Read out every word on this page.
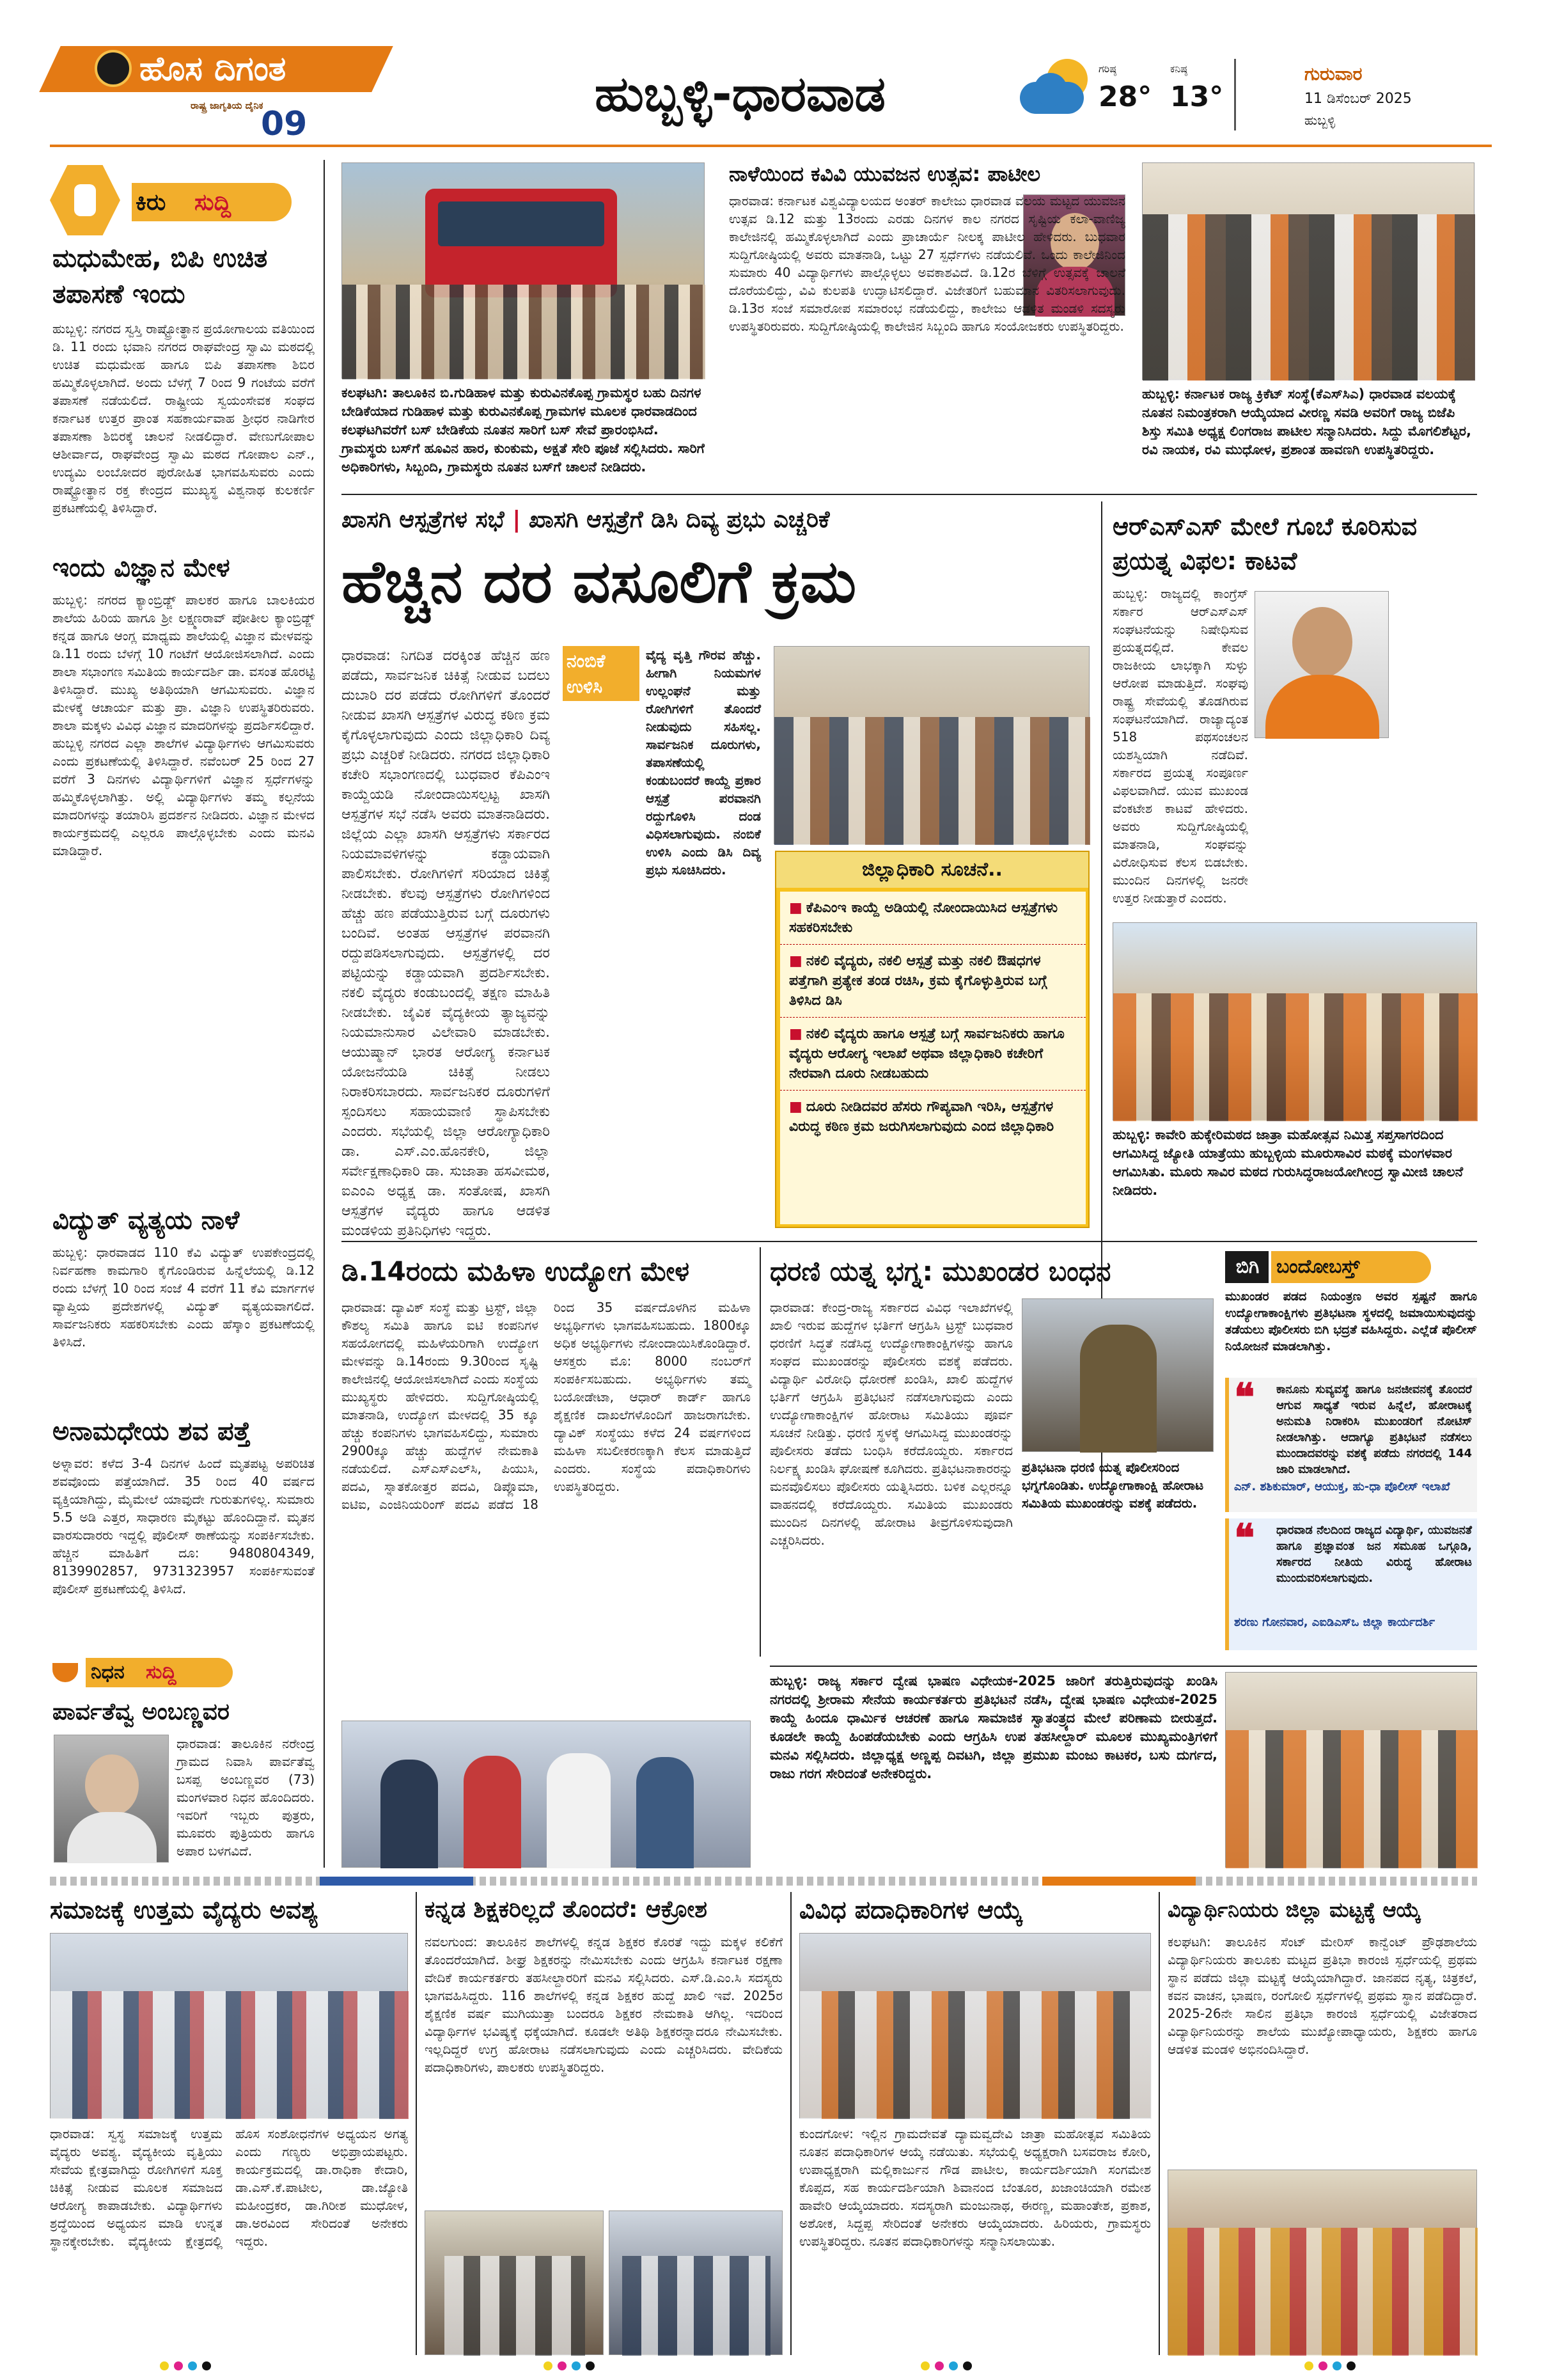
ಹೊಸ ದಿಗಂತ
ರಾಷ್ಟ್ರ ಜಾಗೃತಿಯ ದೈನಿಕ
09
ಹುಬ್ಬಳ್ಳಿ-ಧಾರವಾಡ	ಗರಿಷ್ಠ
28°
ಕನಿಷ್ಠ
13°
ಗುರುವಾರ
11 ಡಿಸೆಂಬರ್ 2025
ಹುಬ್ಬಳ್ಳಿ
ಕಿರು	ಸುದ್ದಿ
ಮಧುಮೇಹ, ಬಿಪಿ ಉಚಿತ ತಪಾಸಣೆ ಇಂದು
ಹುಬ್ಬಳ್ಳಿ: ನಗರದ ಸ್ವಸ್ತಿ ರಾಷ್ಟ್ರೋತ್ಥಾನ ಪ್ರಯೋಗಾಲಯ ವತಿಯಿಂದ ಡಿ. 11 ರಂದು ಭವಾನಿ ನಗರದ ರಾಘವೇಂದ್ರ ಸ್ವಾಮಿ ಮಠದಲ್ಲಿ ಉಚಿತ ಮಧುಮೇಹ ಹಾಗೂ ಬಿಪಿ ತಪಾಸಣಾ ಶಿಬಿರ ಹಮ್ಮಿಕೊಳ್ಳಲಾಗಿದೆ. ಅಂದು ಬೆಳಗ್ಗೆ 7 ರಿಂದ 9 ಗಂಟೆಯ ವರೆಗೆ ತಪಾಸಣೆ ನಡೆಯಲಿದೆ. ರಾಷ್ಟ್ರೀಯ ಸ್ವಯಂಸೇವಕ ಸಂಘದ ಕರ್ನಾಟಕ ಉತ್ತರ ಪ್ರಾಂತ ಸಹಕಾರ್ಯವಾಹ ಶ್ರೀಧರ ನಾಡಿಗೇರ ತಪಾಸಣಾ ಶಿಬಿರಕ್ಕೆ ಚಾಲನೆ ನೀಡಲಿದ್ದಾರೆ. ವೇಣುಗೋಪಾಲ ಆಶೀರ್ವಾದ, ರಾಘವೇಂದ್ರ ಸ್ವಾಮಿ ಮಠದ ಗೋಪಾಲ ಎನ್., ಉದ್ಯಮಿ ಲಂಬೋದರ ಪುರೋಹಿತ ಭಾಗವಹಿಸುವರು ಎಂದು ರಾಷ್ಟ್ರೋತ್ಥಾನ ರಕ್ತ ಕೇಂದ್ರದ ಮುಖ್ಯಸ್ಥ ವಿಶ್ವನಾಥ ಕುಲಕರ್ಣಿ ಪ್ರಕಟಣೆಯಲ್ಲಿ ತಿಳಿಸಿದ್ದಾರೆ.
ಇಂದು ವಿಜ್ಞಾನ ಮೇಳ
ಹುಬ್ಬಳ್ಳಿ: ನಗರದ ಕ್ಯಾಂಬ್ರಿಡ್ಜ್ ಪಾಲಕರ ಹಾಗೂ ಬಾಲಕಿಯರ ಶಾಲೆಯ ಹಿರಿಯ ಹಾಗೂ ಶ್ರೀ ಲಕ್ಷ್ಮಣರಾವ್ ಪೋತೀಲ ಕ್ಯಾಂಬ್ರಿಡ್ಜ್ ಕನ್ನಡ ಹಾಗೂ ಆಂಗ್ಲ ಮಾಧ್ಯಮ ಶಾಲೆಯಲ್ಲಿ ವಿಜ್ಞಾನ ಮೇಳವನ್ನು ಡಿ.11 ರಂದು ಬೆಳಗ್ಗೆ 10 ಗಂಟೆಗೆ ಆಯೋಜಿಸಲಾಗಿದೆ. ಎಂದು ಶಾಲಾ ಸಭಾಂಗಣ ಸಮಿತಿಯ ಕಾರ್ಯದರ್ಶಿ ಡಾ. ವಸಂತ ಹೊರಟ್ಟಿ ತಿಳಿಸಿದ್ದಾರೆ. ಮುಖ್ಯ ಅತಿಥಿಯಾಗಿ ಆಗಮಿಸುವರು. ವಿಜ್ಞಾನ ಮೇಳಕ್ಕೆ ಆಚಾರ್ಯ ಮತ್ತು ಪ್ರಾ. ವಿಜ್ಞಾನಿ ಉಪಸ್ಥಿತರಿರುವರು. ಶಾಲಾ ಮಕ್ಕಳು ವಿವಿಧ ವಿಜ್ಞಾನ ಮಾದರಿಗಳನ್ನು ಪ್ರದರ್ಶಿಸಲಿದ್ದಾರೆ. ಹುಬ್ಬಳ್ಳಿ ನಗರದ ಎಲ್ಲಾ ಶಾಲೆಗಳ ವಿದ್ಯಾರ್ಥಿಗಳು ಆಗಮಿಸುವರು ಎಂದು ಪ್ರಕಟಣೆಯಲ್ಲಿ ತಿಳಿಸಿದ್ದಾರೆ. ನವೆಂಬರ್ 25 ರಿಂದ 27 ವರೆಗೆ 3 ದಿನಗಳು ವಿದ್ಯಾರ್ಥಿಗಳಿಗೆ ವಿಜ್ಞಾನ ಸ್ಪರ್ಧೆಗಳನ್ನು ಹಮ್ಮಿಕೊಳ್ಳಲಾಗಿತ್ತು. ಅಲ್ಲಿ ವಿದ್ಯಾರ್ಥಿಗಳು ತಮ್ಮ ಕಲ್ಪನೆಯ ಮಾದರಿಗಳನ್ನು ತಯಾರಿಸಿ ಪ್ರದರ್ಶನ ನೀಡಿದರು. ವಿಜ್ಞಾನ ಮೇಳದ ಕಾರ್ಯಕ್ರಮದಲ್ಲಿ ಎಲ್ಲರೂ ಪಾಲ್ಗೊಳ್ಳಬೇಕು ಎಂದು ಮನವಿ ಮಾಡಿದ್ದಾರೆ.
ವಿದ್ಯುತ್ ವ್ಯತ್ಯಯ ನಾಳೆ
ಹುಬ್ಬಳ್ಳಿ: ಧಾರವಾಡದ 110 ಕೆವಿ ವಿದ್ಯುತ್ ಉಪಕೇಂದ್ರದಲ್ಲಿ ನಿರ್ವಹಣಾ ಕಾಮಗಾರಿ ಕೈಗೊಂಡಿರುವ ಹಿನ್ನೆಲೆಯಲ್ಲಿ ಡಿ.12 ರಂದು ಬೆಳಗ್ಗೆ 10 ರಿಂದ ಸಂಜೆ 4 ವರೆಗೆ 11 ಕೆವಿ ಮಾರ್ಗಗಳ ವ್ಯಾಪ್ತಿಯ ಪ್ರದೇಶಗಳಲ್ಲಿ ವಿದ್ಯುತ್ ವ್ಯತ್ಯಯವಾಗಲಿದೆ. ಸಾರ್ವಜನಿಕರು ಸಹಕರಿಸಬೇಕು ಎಂದು ಹೆಸ್ಕಾಂ ಪ್ರಕಟಣೆಯಲ್ಲಿ ತಿಳಿಸಿದೆ.
ಅನಾಮಧೇಯ ಶವ ಪತ್ತೆ
ಅಳ್ನಾವರ: ಕಳೆದ 3-4 ದಿನಗಳ ಹಿಂದೆ ಮೃತಪಟ್ಟ ಅಪರಿಚಿತ ಶವವೊಂದು ಪತ್ತೆಯಾಗಿದೆ. 35 ರಿಂದ 40 ವರ್ಷದ ವ್ಯಕ್ತಿಯಾಗಿದ್ದು, ಮೈಮೇಲೆ ಯಾವುದೇ ಗುರುತುಗಳಿಲ್ಲ. ಸುಮಾರು 5.5 ಅಡಿ ಎತ್ತರ, ಸಾಧಾರಣ ಮೈಕಟ್ಟು ಹೊಂದಿದ್ದಾನೆ. ಮೃತನ ವಾರಸುದಾರರು ಇದ್ದಲ್ಲಿ ಪೊಲೀಸ್ ಠಾಣೆಯನ್ನು ಸಂಪರ್ಕಿಸಬೇಕು. ಹೆಚ್ಚಿನ ಮಾಹಿತಿಗೆ ದೂ: 9480804349, 8139902857, 9731323957 ಸಂಪರ್ಕಿಸುವಂತೆ ಪೊಲೀಸ್ ಪ್ರಕಟಣೆಯಲ್ಲಿ ತಿಳಿಸಿದೆ.
ನಿಧನ	ಸುದ್ದಿ
ಪಾರ್ವತೆವ್ವ ಅಂಬಣ್ಣವರ
ಧಾರವಾಡ: ತಾಲೂಕಿನ ನರೇಂದ್ರ ಗ್ರಾಮದ ನಿವಾಸಿ ಪಾರ್ವತೆವ್ವ ಬಸಪ್ಪ ಅಂಬಣ್ಣವರ (73) ಮಂಗಳವಾರ ನಿಧನ ಹೊಂದಿದರು. ಇವರಿಗೆ ಇಬ್ಬರು ಪುತ್ರರು, ಮೂವರು ಪುತ್ರಿಯರು ಹಾಗೂ ಅಪಾರ ಬಳಗವಿದೆ.
ಕಲಘಟಗಿ: ತಾಲೂಕಿನ ಬಿ.ಗುಡಿಹಾಳ ಮತ್ತು ಕುರುವಿನಕೊಪ್ಪ ಗ್ರಾಮಸ್ಥರ ಬಹು ದಿನಗಳ ಬೇಡಿಕೆಯಾದ ಗುಡಿಹಾಳ ಮತ್ತು ಕುರುವಿನಕೊಪ್ಪ ಗ್ರಾಮಗಳ ಮೂಲಕ ಧಾರವಾಡದಿಂದ ಕಲಘಟಗಿವರೆಗೆ ಬಸ್ ಬೇಡಿಕೆಯ ನೂತನ ಸಾರಿಗೆ ಬಸ್ ಸೇವೆ ಪ್ರಾರಂಭಿಸಿದೆ. ಗ್ರಾಮಸ್ಥರು ಬಸ್‌ಗೆ ಹೂವಿನ ಹಾರ, ಕುಂಕುಮ, ಅಕ್ಷತೆ ಸೇರಿ ಪೂಜೆ ಸಲ್ಲಿಸಿದರು. ಸಾರಿಗೆ ಅಧಿಕಾರಿಗಳು, ಸಿಬ್ಬಂದಿ, ಗ್ರಾಮಸ್ಥರು ನೂತನ ಬಸ್‌ಗೆ ಚಾಲನೆ ನೀಡಿದರು.
ನಾಳೆಯಿಂದ ಕವಿವಿ ಯುವಜನ ಉತ್ಸವ: ಪಾಟೀಲ
ಧಾರವಾಡ: ಕರ್ನಾಟಕ ವಿಶ್ವವಿದ್ಯಾಲಯದ ಅಂತರ್ ಕಾಲೇಜು ಧಾರವಾಡ ವಲಯ ಮಟ್ಟದ ಯುವಜನ ಉತ್ಸವ ಡಿ.12 ಮತ್ತು 13ರಂದು ಎರಡು ದಿನಗಳ ಕಾಲ ನಗರದ ಸೃಷ್ಟಿಯ ಕಲಾ-ವಾಣಿಜ್ಯ ಕಾಲೇಜಿನಲ್ಲಿ ಹಮ್ಮಿಕೊಳ್ಳಲಾಗಿದೆ ಎಂದು ಪ್ರಾಚಾರ್ಯೆ ನೀಲಕ್ಕ ಪಾಟೀಲ ಹೇಳಿದರು. ಬುಧವಾರ ಸುದ್ದಿಗೋಷ್ಠಿಯಲ್ಲಿ ಅವರು ಮಾತನಾಡಿ, ಒಟ್ಟು 27 ಸ್ಪರ್ಧೆಗಳು ನಡೆಯಲಿವೆ. ಒಂದು ಕಾಲೇಜಿನಿಂದ ಸುಮಾರು 40 ವಿದ್ಯಾರ್ಥಿಗಳು ಪಾಲ್ಗೊಳ್ಳಲು ಅವಕಾಶವಿದೆ. ಡಿ.12ರ ಬೆಳಿಗ್ಗೆ ಉತ್ಸವಕ್ಕೆ ಚಾಲನೆ ದೊರೆಯಲಿದ್ದು, ವಿವಿ ಕುಲಪತಿ ಉದ್ಘಾಟಿಸಲಿದ್ದಾರೆ. ವಿಜೇತರಿಗೆ ಬಹುಮಾನ ವಿತರಿಸಲಾಗುವುದು. ಡಿ.13ರ ಸಂಜೆ ಸಮಾರೋಪ ಸಮಾರಂಭ ನಡೆಯಲಿದ್ದು, ಕಾಲೇಜು ಆಡಳಿತ ಮಂಡಳಿ ಸದಸ್ಯರು ಉಪಸ್ಥಿತರಿರುವರು. ಸುದ್ದಿಗೋಷ್ಠಿಯಲ್ಲಿ ಕಾಲೇಜಿನ ಸಿಬ್ಬಂದಿ ಹಾಗೂ ಸಂಯೋಜಕರು ಉಪಸ್ಥಿತರಿದ್ದರು.
ಹುಬ್ಬಳ್ಳಿ: ಕರ್ನಾಟಕ ರಾಜ್ಯ ಕ್ರಿಕೆಟ್ ಸಂಸ್ಥೆ(ಕೆಎಸ್‌ಸಿಎ) ಧಾರವಾಡ ವಲಯಕ್ಕೆ ನೂತನ ನಿಮಂತ್ರಕರಾಗಿ ಆಯ್ಕೆಯಾದ ವೀರಣ್ಣ ಸವಡಿ ಅವರಿಗೆ ರಾಜ್ಯ ಬಿಜೆಪಿ ಶಿಸ್ತು ಸಮಿತಿ ಅಧ್ಯಕ್ಷ ಲಿಂಗರಾಜ ಪಾಟೀಲ ಸನ್ಮಾನಿಸಿದರು. ಸಿದ್ದು ಮೊಗಲಿಶೆಟ್ಟರ, ರವಿ ನಾಯಕ, ರವಿ ಮುಧೋಳ, ಪ್ರಶಾಂತ ಹಾವಣಗಿ ಉಪಸ್ಥಿತರಿದ್ದರು.
ಖಾಸಗಿ ಆಸ್ಪತ್ರೆಗಳ ಸಭೆ | ಖಾಸಗಿ ಆಸ್ಪತ್ರೆಗೆ ಡಿಸಿ ದಿವ್ಯ ಪ್ರಭು ಎಚ್ಚರಿಕೆ
ಹೆಚ್ಚಿನ ದರ ವಸೂಲಿಗೆ ಕ್ರಮ
ಧಾರವಾಡ: ನಿಗದಿತ ದರಕ್ಕಿಂತ ಹೆಚ್ಚಿನ ಹಣ ಪಡೆದು, ಸಾರ್ವಜನಿಕ ಚಿಕಿತ್ಸೆ ನೀಡುವ ಬದಲು ದುಬಾರಿ ದರ ಪಡೆದು ರೋಗಿಗಳಿಗೆ ತೊಂದರೆ ನೀಡುವ ಖಾಸಗಿ ಆಸ್ಪತ್ರೆಗಳ ವಿರುದ್ಧ ಕಠಿಣ ಕ್ರಮ ಕೈಗೊಳ್ಳಲಾಗುವುದು ಎಂದು ಜಿಲ್ಲಾಧಿಕಾರಿ ದಿವ್ಯ ಪ್ರಭು ಎಚ್ಚರಿಕೆ ನೀಡಿದರು. ನಗರದ ಜಿಲ್ಲಾಧಿಕಾರಿ ಕಚೇರಿ ಸಭಾಂಗಣದಲ್ಲಿ ಬುಧವಾರ ಕೆಪಿಎಂಇ ಕಾಯ್ದೆಯಡಿ ನೋಂದಾಯಿಸಲ್ಪಟ್ಟ ಖಾಸಗಿ ಆಸ್ಪತ್ರೆಗಳ ಸಭೆ ನಡೆಸಿ ಅವರು ಮಾತನಾಡಿದರು. ಜಿಲ್ಲೆಯ ಎಲ್ಲಾ ಖಾಸಗಿ ಆಸ್ಪತ್ರೆಗಳು ಸರ್ಕಾರದ ನಿಯಮಾವಳಿಗಳನ್ನು ಕಡ್ಡಾಯವಾಗಿ ಪಾಲಿಸಬೇಕು. ರೋಗಿಗಳಿಗೆ ಸರಿಯಾದ ಚಿಕಿತ್ಸೆ ನೀಡಬೇಕು. ಕೆಲವು ಆಸ್ಪತ್ರೆಗಳು ರೋಗಿಗಳಿಂದ ಹೆಚ್ಚು ಹಣ ಪಡೆಯುತ್ತಿರುವ ಬಗ್ಗೆ ದೂರುಗಳು ಬಂದಿವೆ. ಅಂತಹ ಆಸ್ಪತ್ರೆಗಳ ಪರವಾನಗಿ ರದ್ದುಪಡಿಸಲಾಗುವುದು. ಆಸ್ಪತ್ರೆಗಳಲ್ಲಿ ದರ ಪಟ್ಟಿಯನ್ನು ಕಡ್ಡಾಯವಾಗಿ ಪ್ರದರ್ಶಿಸಬೇಕು. ನಕಲಿ ವೈದ್ಯರು ಕಂಡುಬಂದಲ್ಲಿ ತಕ್ಷಣ ಮಾಹಿತಿ ನೀಡಬೇಕು. ಜೈವಿಕ ವೈದ್ಯಕೀಯ ತ್ಯಾಜ್ಯವನ್ನು ನಿಯಮಾನುಸಾರ ವಿಲೇವಾರಿ ಮಾಡಬೇಕು. ಆಯುಷ್ಮಾನ್ ಭಾರತ ಆರೋಗ್ಯ ಕರ್ನಾಟಕ ಯೋಜನೆಯಡಿ ಚಿಕಿತ್ಸೆ ನೀಡಲು ನಿರಾಕರಿಸಬಾರದು. ಸಾರ್ವಜನಿಕರ ದೂರುಗಳಿಗೆ ಸ್ಪಂದಿಸಲು ಸಹಾಯವಾಣಿ ಸ್ಥಾಪಿಸಬೇಕು ಎಂದರು. ಸಭೆಯಲ್ಲಿ ಜಿಲ್ಲಾ ಆರೋಗ್ಯಾಧಿಕಾರಿ ಡಾ. ಎಸ್.ಎಂ.ಹೊನಕೇರಿ, ಜಿಲ್ಲಾ ಸರ್ವೇಕ್ಷಣಾಧಿಕಾರಿ ಡಾ. ಸುಜಾತಾ ಹಸವೀಮಠ, ಐಎಂಎ ಅಧ್ಯಕ್ಷ ಡಾ. ಸಂತೋಷ, ಖಾಸಗಿ ಆಸ್ಪತ್ರೆಗಳ ವೈದ್ಯರು ಹಾಗೂ ಆಡಳಿತ ಮಂಡಳಿಯ ಪ್ರತಿನಿಧಿಗಳು ಇದ್ದರು.
ನಂಬಿಕೆ
ಉಳಿಸಿ
ವೈದ್ಯ ವೃತ್ತಿ ಗೌರವ ಹೆಚ್ಚು. ಹೀಗಾಗಿ ನಿಯಮಗಳ ಉಲ್ಲಂಘನೆ ಮತ್ತು ರೋಗಿಗಳಿಗೆ ತೊಂದರೆ ನೀಡುವುದು ಸಹಿಸಲ್ಲ. ಸಾರ್ವಜನಿಕ ದೂರುಗಳು, ತಪಾಸಣೆಯಲ್ಲಿ ಕಂಡುಬಂದರೆ ಕಾಯ್ದೆ ಪ್ರಕಾರ ಆಸ್ಪತ್ರೆ ಪರವಾನಗಿ ರದ್ದುಗೊಳಿಸಿ ದಂಡ ವಿಧಿಸಲಾಗುವುದು. ನಂಬಿಕೆ ಉಳಿಸಿ ಎಂದು ಡಿಸಿ ದಿವ್ಯ ಪ್ರಭು ಸೂಚಿಸಿದರು.	ಜಿಲ್ಲಾಧಿಕಾರಿ ಸೂಚನೆ..
■ ಕೆಪಿಎಂಇ ಕಾಯ್ದೆ ಅಡಿಯಲ್ಲಿ ನೋಂದಾಯಿಸಿದ ಆಸ್ಪತ್ರೆಗಳು ಸಹಕರಿಸಬೇಕು
■ ನಕಲಿ ವೈದ್ಯರು, ನಕಲಿ ಆಸ್ಪತ್ರೆ ಮತ್ತು ನಕಲಿ ಔಷಧಗಳ ಪತ್ತೆಗಾಗಿ ಪ್ರತ್ಯೇಕ ತಂಡ ರಚಿಸಿ, ಕ್ರಮ ಕೈಗೊಳ್ಳುತ್ತಿರುವ ಬಗ್ಗೆ ತಿಳಿಸಿದ ಡಿಸಿ
■ ನಕಲಿ ವೈದ್ಯರು ಹಾಗೂ ಆಸ್ಪತ್ರೆ ಬಗ್ಗೆ ಸಾರ್ವಜನಿಕರು ಹಾಗೂ ವೈದ್ಯರು ಆರೋಗ್ಯ ಇಲಾಖೆ ಅಥವಾ ಜಿಲ್ಲಾಧಿಕಾರಿ ಕಚೇರಿಗೆ ನೇರವಾಗಿ ದೂರು ನೀಡಬಹುದು
■ ದೂರು ನೀಡಿದವರ ಹೆಸರು ಗೌಪ್ಯವಾಗಿ ಇರಿಸಿ, ಆಸ್ಪತ್ರೆಗಳ ವಿರುದ್ಧ ಕಠಿಣ ಕ್ರಮ ಜರುಗಿಸಲಾಗುವುದು ಎಂದ ಜಿಲ್ಲಾಧಿಕಾರಿ
ಆರ್‌ಎಸ್‌ಎಸ್ ಮೇಲೆ ಗೂಬೆ ಕೂರಿಸುವ ಪ್ರಯತ್ನ ವಿಫಲ: ಕಾಟವೆ
ಹುಬ್ಬಳ್ಳಿ: ರಾಜ್ಯದಲ್ಲಿ ಕಾಂಗ್ರೆಸ್ ಸರ್ಕಾರ ಆರ್‌ಎಸ್‌ಎಸ್ ಸಂಘಟನೆಯನ್ನು ನಿಷೇಧಿಸುವ ಪ್ರಯತ್ನದಲ್ಲಿದೆ. ಕೇವಲ ರಾಜಕೀಯ ಲಾಭಕ್ಕಾಗಿ ಸುಳ್ಳು ಆರೋಪ ಮಾಡುತ್ತಿದೆ. ಸಂಘವು ರಾಷ್ಟ್ರ ಸೇವೆಯಲ್ಲಿ ತೊಡಗಿರುವ ಸಂಘಟನೆಯಾಗಿದೆ. ರಾಜ್ಯಾದ್ಯಂತ 518 ಪಥಸಂಚಲನ ಯಶಸ್ವಿಯಾಗಿ ನಡೆದಿವೆ. ಸರ್ಕಾರದ ಪ್ರಯತ್ನ ಸಂಪೂರ್ಣ ವಿಫಲವಾಗಿದೆ. ಯುವ ಮುಖಂಡ ವೆಂಕಟೇಶ ಕಾಟವೆ ಹೇಳಿದರು. ಅವರು ಸುದ್ದಿಗೋಷ್ಠಿಯಲ್ಲಿ ಮಾತನಾಡಿ, ಸಂಘವನ್ನು ವಿರೋಧಿಸುವ ಕೆಲಸ ಬಿಡಬೇಕು. ಮುಂದಿನ ದಿನಗಳಲ್ಲಿ ಜನರೇ ಉತ್ತರ ನೀಡುತ್ತಾರೆ ಎಂದರು.
ಹುಬ್ಬಳ್ಳಿ: ಕಾವೇರಿ ಹುಕ್ಕೇರಿಮಠದ ಜಾತ್ರಾ ಮಹೋತ್ಸವ ನಿಮಿತ್ತ ಸಪ್ತಸಾಗರದಿಂದ ಆಗಮಿಸಿದ್ದ ಜ್ಯೋತಿ ಯಾತ್ರೆಯು ಹುಬ್ಬಳ್ಳಿಯ ಮೂರುಸಾವಿರ ಮಠಕ್ಕೆ ಮಂಗಳವಾರ ಆಗಮಿಸಿತು. ಮೂರು ಸಾವಿರ ಮಠದ ಗುರುಸಿದ್ಧರಾಜಯೋಗೀಂದ್ರ ಸ್ವಾಮೀಜಿ ಚಾಲನೆ ನೀಡಿದರು.
ಡಿ.14ರಂದು ಮಹಿಳಾ ಉದ್ಯೋಗ ಮೇಳ
ಧಾರವಾಡ: ದ್ಯಾವಿಕ್ ಸಂಸ್ಥೆ ಮತ್ತು ಟ್ರಸ್ಟ್, ಜಿಲ್ಲಾ ಕೌಶಲ್ಯ ಸಮಿತಿ ಹಾಗೂ ಐಟಿ ಕಂಪನಿಗಳ ಸಹಯೋಗದಲ್ಲಿ ಮಹಿಳೆಯರಿಗಾಗಿ ಉದ್ಯೋಗ ಮೇಳವನ್ನು ಡಿ.14ರಂದು 9.30ರಿಂದ ಸೃಷ್ಟಿ ಕಾಲೇಜಿನಲ್ಲಿ ಆಯೋಜಿಸಲಾಗಿದೆ ಎಂದು ಸಂಸ್ಥೆಯ ಮುಖ್ಯಸ್ಥರು ಹೇಳಿದರು. ಸುದ್ದಿಗೋಷ್ಠಿಯಲ್ಲಿ ಮಾತನಾಡಿ, ಉದ್ಯೋಗ ಮೇಳದಲ್ಲಿ 35 ಕ್ಕೂ ಹೆಚ್ಚು ಕಂಪನಿಗಳು ಭಾಗವಹಿಸಲಿದ್ದು, ಸುಮಾರು 2900ಕ್ಕೂ ಹೆಚ್ಚು ಹುದ್ದೆಗಳ ನೇಮಕಾತಿ ನಡೆಯಲಿದೆ. ಎಸ್‌ಎಸ್‌ಎಲ್‌ಸಿ, ಪಿಯುಸಿ, ಪದವಿ, ಸ್ನಾತಕೋತ್ತರ ಪದವಿ, ಡಿಪ್ಲೊಮಾ, ಐಟಿಐ, ಎಂಜಿನಿಯರಿಂಗ್ ಪದವಿ ಪಡೆದ 18 ರಿಂದ 35 ವರ್ಷದೊಳಗಿನ ಮಹಿಳಾ ಅಭ್ಯರ್ಥಿಗಳು ಭಾಗವಹಿಸಬಹುದು. 1800ಕ್ಕೂ ಅಧಿಕ ಅಭ್ಯರ್ಥಿಗಳು ನೋಂದಾಯಿಸಿಕೊಂಡಿದ್ದಾರೆ. ಆಸಕ್ತರು ಮೊ: 8000 ನಂಬರ್‌ಗೆ ಸಂಪರ್ಕಿಸಬಹುದು. ಅಭ್ಯರ್ಥಿಗಳು ತಮ್ಮ ಬಯೋಡೇಟಾ, ಆಧಾರ್ ಕಾರ್ಡ್ ಹಾಗೂ ಶೈಕ್ಷಣಿಕ ದಾಖಲೆಗಳೊಂದಿಗೆ ಹಾಜರಾಗಬೇಕು. ದ್ಯಾವಿಕ್ ಸಂಸ್ಥೆಯು ಕಳೆದ 24 ವರ್ಷಗಳಿಂದ ಮಹಿಳಾ ಸಬಲೀಕರಣಕ್ಕಾಗಿ ಕೆಲಸ ಮಾಡುತ್ತಿದೆ ಎಂದರು. ಸಂಸ್ಥೆಯ ಪದಾಧಿಕಾರಿಗಳು ಉಪಸ್ಥಿತರಿದ್ದರು.
ಧರಣಿ ಯತ್ನ ಭಗ್ನ: ಮುಖಂಡರ ಬಂಧನ
ಧಾರವಾಡ: ಕೇಂದ್ರ-ರಾಜ್ಯ ಸರ್ಕಾರದ ವಿವಿಧ ಇಲಾಖೆಗಳಲ್ಲಿ ಖಾಲಿ ಇರುವ ಹುದ್ದೆಗಳ ಭರ್ತಿಗೆ ಆಗ್ರಹಿಸಿ ಟ್ರಸ್ಟ್ ಬುಧವಾರ ಧರಣಿಗೆ ಸಿದ್ಧತೆ ನಡೆಸಿದ್ದ ಉದ್ಯೋಗಾಕಾಂಕ್ಷಿಗಳನ್ನು ಹಾಗೂ ಸಂಘದ ಮುಖಂಡರನ್ನು ಪೊಲೀಸರು ವಶಕ್ಕೆ ಪಡೆದರು. ವಿದ್ಯಾರ್ಥಿ ವಿರೋಧಿ ಧೋರಣೆ ಖಂಡಿಸಿ, ಖಾಲಿ ಹುದ್ದೆಗಳ ಭರ್ತಿಗೆ ಆಗ್ರಹಿಸಿ ಪ್ರತಿಭಟನೆ ನಡೆಸಲಾಗುವುದು ಎಂದು ಉದ್ಯೋಗಾಕಾಂಕ್ಷಿಗಳ ಹೋರಾಟ ಸಮಿತಿಯು ಪೂರ್ವ ಸೂಚನೆ ನೀಡಿತ್ತು. ಧರಣಿ ಸ್ಥಳಕ್ಕೆ ಆಗಮಿಸಿದ್ದ ಮುಖಂಡರನ್ನು ಪೊಲೀಸರು ತಡೆದು ಬಂಧಿಸಿ ಕರೆದೊಯ್ದರು. ಸರ್ಕಾರದ ನಿರ್ಲಕ್ಷ್ಯ ಖಂಡಿಸಿ ಘೋಷಣೆ ಕೂಗಿದರು. ಪ್ರತಿಭಟನಾಕಾರರನ್ನು ಮನವೊಲಿಸಲು ಪೊಲೀಸರು ಯತ್ನಿಸಿದರು. ಬಳಿಕ ಎಲ್ಲರನ್ನೂ ವಾಹನದಲ್ಲಿ ಕರೆದೊಯ್ದರು. ಸಮಿತಿಯ ಮುಖಂಡರು ಮುಂದಿನ ದಿನಗಳಲ್ಲಿ ಹೋರಾಟ ತೀವ್ರಗೊಳಿಸುವುದಾಗಿ ಎಚ್ಚರಿಸಿದರು.
ಪ್ರತಿಭಟನಾ ಧರಣಿ ಯತ್ನ ಪೊಲೀಸರಿಂದ ಭಗ್ನಗೊಂಡಿತು. ಉದ್ಯೋಗಾಕಾಂಕ್ಷಿ ಹೋರಾಟ ಸಮಿತಿಯ ಮುಖಂಡರನ್ನು ವಶಕ್ಕೆ ಪಡೆದರು.
ಬಿಗಿ ಬಂದೋಬಸ್ತ್
ಮುಖಂಡರ ಪಡದ ನಿಯಂತ್ರಣ ಅವರ ಸ್ಪಷ್ಟನೆ ಹಾಗೂ ಉದ್ಯೋಗಾಕಾಂಕ್ಷಿಗಳು ಪ್ರತಿಭಟನಾ ಸ್ಥಳದಲ್ಲಿ ಜಮಾಯಿಸುವುದನ್ನು ತಡೆಯಲು ಪೊಲೀಸರು ಬಿಗಿ ಭದ್ರತೆ ವಹಿಸಿದ್ದರು. ಎಲ್ಲೆಡೆ ಪೊಲೀಸ್ ನಿಯೋಜನೆ ಮಾಡಲಾಗಿತ್ತು.
❝	ಕಾನೂನು ಸುವ್ಯವಸ್ಥೆ ಹಾಗೂ ಜನಜೀವನಕ್ಕೆ ತೊಂದರೆ ಆಗುವ ಸಾಧ್ಯತೆ ಇರುವ ಹಿನ್ನೆಲೆ, ಹೋರಾಟಕ್ಕೆ ಅನುಮತಿ ನಿರಾಕರಿಸಿ ಮುಖಂಡರಿಗೆ ನೋಟಿಸ್ ನೀಡಲಾಗಿತ್ತು. ಆದಾಗ್ಯೂ ಪ್ರತಿಭಟನೆ ನಡೆಸಲು ಮುಂದಾದವರನ್ನು ವಶಕ್ಕೆ ಪಡೆದು ನಗರದಲ್ಲಿ 144 ಜಾರಿ ಮಾಡಲಾಗಿದೆ.
ಎನ್. ಶಶಿಕುಮಾರ್, ಆಯುಕ್ತ, ಹು-ಧಾ ಪೊಲೀಸ್ ಇಲಾಖೆ
❝	ಧಾರವಾಡ ನೆಲದಿಂದ ರಾಜ್ಯದ ವಿದ್ಯಾರ್ಥಿ, ಯುವಜನತೆ ಹಾಗೂ ಪ್ರಜ್ಞಾವಂತ ಜನ ಸಮೂಹ ಒಗ್ಗೂಡಿ, ಸರ್ಕಾರದ ನೀತಿಯ ವಿರುದ್ಧ ಹೋರಾಟ ಮುಂದುವರಿಸಲಾಗುವುದು.
ಶರಣು ಗೋನವಾರ, ಎಐಡಿಎಸ್ಒ ಜಿಲ್ಲಾ ಕಾರ್ಯದರ್ಶಿ
ಹುಬ್ಬಳ್ಳಿ: ರಾಜ್ಯ ಸರ್ಕಾರ ದ್ವೇಷ ಭಾಷಣ ವಿಧೇಯಕ-2025 ಜಾರಿಗೆ ತರುತ್ತಿರುವುದನ್ನು ಖಂಡಿಸಿ ನಗರದಲ್ಲಿ ಶ್ರೀರಾಮ ಸೇನೆಯ ಕಾರ್ಯಕರ್ತರು ಪ್ರತಿಭಟನೆ ನಡೆಸಿ, ದ್ವೇಷ ಭಾಷಣ ವಿಧೇಯಕ-2025 ಕಾಯ್ದೆ ಹಿಂದೂ ಧಾರ್ಮಿಕ ಆಚರಣೆ ಹಾಗೂ ಸಾಮಾಜಿಕ ಸ್ವಾತಂತ್ರ್ಯದ ಮೇಲೆ ಪರಿಣಾಮ ಬೀರುತ್ತದೆ. ಕೂಡಲೇ ಕಾಯ್ದೆ ಹಿಂಪಡೆಯಬೇಕು ಎಂದು ಆಗ್ರಹಿಸಿ ಉಪ ತಹಸೀಲ್ದಾರ್ ಮೂಲಕ ಮುಖ್ಯಮಂತ್ರಿಗಳಿಗೆ ಮನವಿ ಸಲ್ಲಿಸಿದರು. ಜಿಲ್ಲಾಧ್ಯಕ್ಷ ಅಣ್ಣಪ್ಪ ದಿವಟಗಿ, ಜಿಲ್ಲಾ ಪ್ರಮುಖ ಮಂಜು ಕಾಟಕರ, ಬಸು ದುರ್ಗದ, ರಾಜು ಗರಗ ಸೇರಿದಂತೆ ಅನೇಕರಿದ್ದರು.
ಸಮಾಜಕ್ಕೆ ಉತ್ತಮ ವೈದ್ಯರು ಅವಶ್ಯ
ಧಾರವಾಡ: ಸ್ವಸ್ಥ ಸಮಾಜಕ್ಕೆ ಉತ್ತಮ ವೈದ್ಯರು ಅವಶ್ಯ. ವೈದ್ಯಕೀಯ ವೃತ್ತಿಯು ಸೇವೆಯ ಕ್ಷೇತ್ರವಾಗಿದ್ದು ರೋಗಿಗಳಿಗೆ ಸೂಕ್ತ ಚಿಕಿತ್ಸೆ ನೀಡುವ ಮೂಲಕ ಸಮಾಜದ ಆರೋಗ್ಯ ಕಾಪಾಡಬೇಕು. ವಿದ್ಯಾರ್ಥಿಗಳು ಶ್ರದ್ಧೆಯಿಂದ ಅಧ್ಯಯನ ಮಾಡಿ ಉನ್ನತ ಸ್ಥಾನಕ್ಕೇರಬೇಕು. ವೈದ್ಯಕೀಯ ಕ್ಷೇತ್ರದಲ್ಲಿ ಹೊಸ ಸಂಶೋಧನೆಗಳ ಅಧ್ಯಯನ ಅಗತ್ಯ ಎಂದು ಗಣ್ಯರು ಅಭಿಪ್ರಾಯಪಟ್ಟರು. ಕಾರ್ಯಕ್ರಮದಲ್ಲಿ ಡಾ.ರಾಧಿಕಾ ಕೇದಾರಿ, ಡಾ.ಎಸ್.ಕೆ.ಪಾಟೀಲ, ಡಾ.ಜ್ಯೋತಿ ಮಹೀಂದ್ರಕರ, ಡಾ.ಗಿರೀಶ ಮುಧೋಳ, ಡಾ.ಅರವಿಂದ ಸೇರಿದಂತೆ ಅನೇಕರು ಇದ್ದರು.
ಕನ್ನಡ ಶಿಕ್ಷಕರಿಲ್ಲದೆ ತೊಂದರೆ: ಆಕ್ರೋಶ
ನವಲಗುಂದ: ತಾಲೂಕಿನ ಶಾಲೆಗಳಲ್ಲಿ ಕನ್ನಡ ಶಿಕ್ಷಕರ ಕೊರತೆ ಇದ್ದು ಮಕ್ಕಳ ಕಲಿಕೆಗೆ ತೊಂದರೆಯಾಗಿದೆ. ಶೀಘ್ರ ಶಿಕ್ಷಕರನ್ನು ನೇಮಿಸಬೇಕು ಎಂದು ಆಗ್ರಹಿಸಿ ಕರ್ನಾಟಕ ರಕ್ಷಣಾ ವೇದಿಕೆ ಕಾರ್ಯಕರ್ತರು ತಹಸೀಲ್ದಾರರಿಗೆ ಮನವಿ ಸಲ್ಲಿಸಿದರು. ಎಸ್‌.ಡಿ.ಎಂ.ಸಿ ಸದಸ್ಯರು ಭಾಗವಹಿಸಿದ್ದರು. 116 ಶಾಲೆಗಳಲ್ಲಿ ಕನ್ನಡ ಶಿಕ್ಷಕರ ಹುದ್ದೆ ಖಾಲಿ ಇವೆ. 2025ರ ಶೈಕ್ಷಣಿಕ ವರ್ಷ ಮುಗಿಯುತ್ತಾ ಬಂದರೂ ಶಿಕ್ಷಕರ ನೇಮಕಾತಿ ಆಗಿಲ್ಲ. ಇದರಿಂದ ವಿದ್ಯಾರ್ಥಿಗಳ ಭವಿಷ್ಯಕ್ಕೆ ಧಕ್ಕೆಯಾಗಿದೆ. ಕೂಡಲೇ ಅತಿಥಿ ಶಿಕ್ಷಕರನ್ನಾದರೂ ನೇಮಿಸಬೇಕು. ಇಲ್ಲದಿದ್ದರೆ ಉಗ್ರ ಹೋರಾಟ ನಡೆಸಲಾಗುವುದು ಎಂದು ಎಚ್ಚರಿಸಿದರು. ವೇದಿಕೆಯ ಪದಾಧಿಕಾರಿಗಳು, ಪಾಲಕರು ಉಪಸ್ಥಿತರಿದ್ದರು.
ವಿವಿಧ ಪದಾಧಿಕಾರಿಗಳ ಆಯ್ಕೆ
ಕುಂದಗೋಳ: ಇಲ್ಲಿನ ಗ್ರಾಮದೇವತೆ ದ್ಯಾಮವ್ವದೇವಿ ಜಾತ್ರಾ ಮಹೋತ್ಸವ ಸಮಿತಿಯ ನೂತನ ಪದಾಧಿಕಾರಿಗಳ ಆಯ್ಕೆ ನಡೆಯಿತು. ಸಭೆಯಲ್ಲಿ ಅಧ್ಯಕ್ಷರಾಗಿ ಬಸವರಾಜ ಕೋರಿ, ಉಪಾಧ್ಯಕ್ಷರಾಗಿ ಮಲ್ಲಿಕಾರ್ಜುನ ಗೌಡ ಪಾಟೀಲ, ಕಾರ್ಯದರ್ಶಿಯಾಗಿ ಸಂಗಮೇಶ ಕೊಪ್ಪದ, ಸಹ ಕಾರ್ಯದರ್ಶಿಯಾಗಿ ಶಿವಾನಂದ ಬೆಂತೂರ, ಖಜಾಂಚಿಯಾಗಿ ರಮೇಶ ಹಾವೇರಿ ಆಯ್ಕೆಯಾದರು. ಸದಸ್ಯರಾಗಿ ಮಂಜುನಾಥ, ಈರಣ್ಣ, ಮಹಾಂತೇಶ, ಪ್ರಕಾಶ, ಅಶೋಕ, ಸಿದ್ದಪ್ಪ ಸೇರಿದಂತೆ ಅನೇಕರು ಆಯ್ಕೆಯಾದರು. ಹಿರಿಯರು, ಗ್ರಾಮಸ್ಥರು ಉಪಸ್ಥಿತರಿದ್ದರು. ನೂತನ ಪದಾಧಿಕಾರಿಗಳನ್ನು ಸನ್ಮಾನಿಸಲಾಯಿತು.
ವಿದ್ಯಾರ್ಥಿನಿಯರು ಜಿಲ್ಲಾ ಮಟ್ಟಕ್ಕೆ ಆಯ್ಕೆ
ಕಲಘಟಗಿ: ತಾಲೂಕಿನ ಸೆಂಟ್ ಮೇರಿಸ್ ಕಾನ್ವೆಂಟ್ ಪ್ರೌಢಶಾಲೆಯ ವಿದ್ಯಾರ್ಥಿನಿಯರು ತಾಲೂಕು ಮಟ್ಟದ ಪ್ರತಿಭಾ ಕಾರಂಜಿ ಸ್ಪರ್ಧೆಯಲ್ಲಿ ಪ್ರಥಮ ಸ್ಥಾನ ಪಡೆದು ಜಿಲ್ಲಾ ಮಟ್ಟಕ್ಕೆ ಆಯ್ಕೆಯಾಗಿದ್ದಾರೆ. ಜಾನಪದ ನೃತ್ಯ, ಚಿತ್ರಕಲೆ, ಕವನ ವಾಚನ, ಭಾಷಣ, ರಂಗೋಲಿ ಸ್ಪರ್ಧೆಗಳಲ್ಲಿ ಪ್ರಥಮ ಸ್ಥಾನ ಪಡೆದಿದ್ದಾರೆ. 2025-26ನೇ ಸಾಲಿನ ಪ್ರತಿಭಾ ಕಾರಂಜಿ ಸ್ಪರ್ಧೆಯಲ್ಲಿ ವಿಜೇತರಾದ ವಿದ್ಯಾರ್ಥಿನಿಯರನ್ನು ಶಾಲೆಯ ಮುಖ್ಯೋಪಾಧ್ಯಾಯರು, ಶಿಕ್ಷಕರು ಹಾಗೂ ಆಡಳಿತ ಮಂಡಳಿ ಅಭಿನಂದಿಸಿದ್ದಾರೆ.
